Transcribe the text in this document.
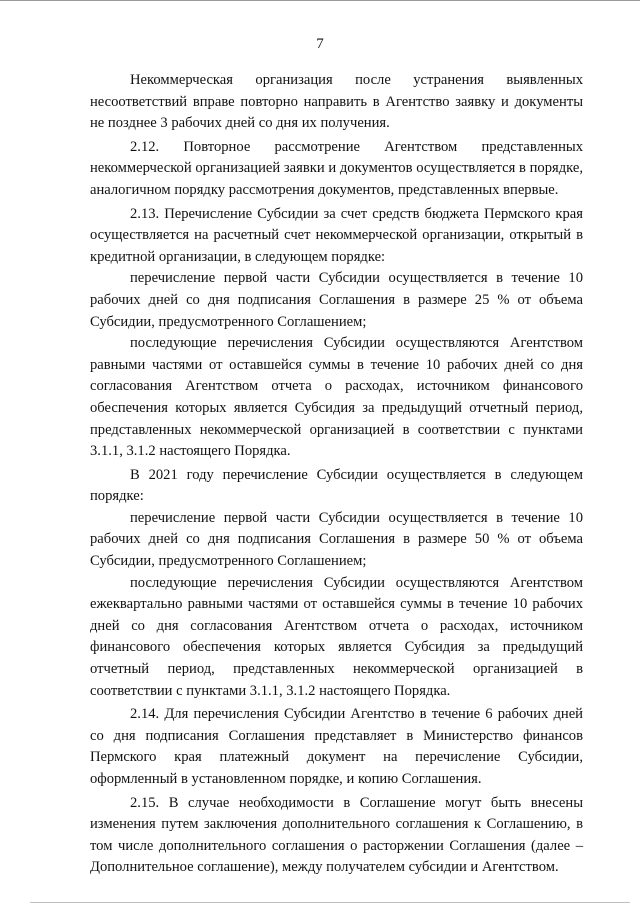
7

Некоммерческая организация после устранения выявленных несоответствий вправе повторно направить в Агентство заявку и документы не позднее 3 рабочих дней со дня их получения.

2.12. Повторное рассмотрение Агентством представленных некоммерческой организацией заявки и документов осуществляется в порядке, аналогичном порядку рассмотрения документов, представленных впервые.

2.13. Перечисление Субсидии за счет средств бюджета Пермского края осуществляется на расчетный счет некоммерческой организации, открытый в кредитной организации, в следующем порядке:

перечисление первой части Субсидии осуществляется в течение 10 рабочих дней со дня подписания Соглашения в размере 25 % от объема Субсидии, предусмотренного Соглашением;

последующие перечисления Субсидии осуществляются Агентством равными частями от оставшейся суммы в течение 10 рабочих дней со дня согласования Агентством отчета о расходах, источником финансового обеспечения которых является Субсидия за предыдущий отчетный период, представленных некоммерческой организацией в соответствии с пунктами 3.1.1, 3.1.2 настоящего Порядка.

В 2021 году перечисление Субсидии осуществляется в следующем порядке:

перечисление первой части Субсидии осуществляется в течение 10 рабочих дней со дня подписания Соглашения в размере 50 % от объема Субсидии, предусмотренного Соглашением;

последующие перечисления Субсидии осуществляются Агентством ежеквартально равными частями от оставшейся суммы в течение 10 рабочих дней со дня согласования Агентством отчета о расходах, источником финансового обеспечения которых является Субсидия за предыдущий отчетный период, представленных некоммерческой организацией в соответствии с пунктами 3.1.1, 3.1.2 настоящего Порядка.

2.14. Для перечисления Субсидии Агентство в течение 6 рабочих дней со дня подписания Соглашения представляет в Министерство финансов Пермского края платежный документ на перечисление Субсидии, оформленный в установленном порядке, и копию Соглашения.

2.15. В случае необходимости в Соглашение могут быть внесены изменения путем заключения дополнительного соглашения к Соглашению, в том числе дополнительного соглашения о расторжении Соглашения (далее – Дополнительное соглашение), между получателем субсидии и Агентством.
